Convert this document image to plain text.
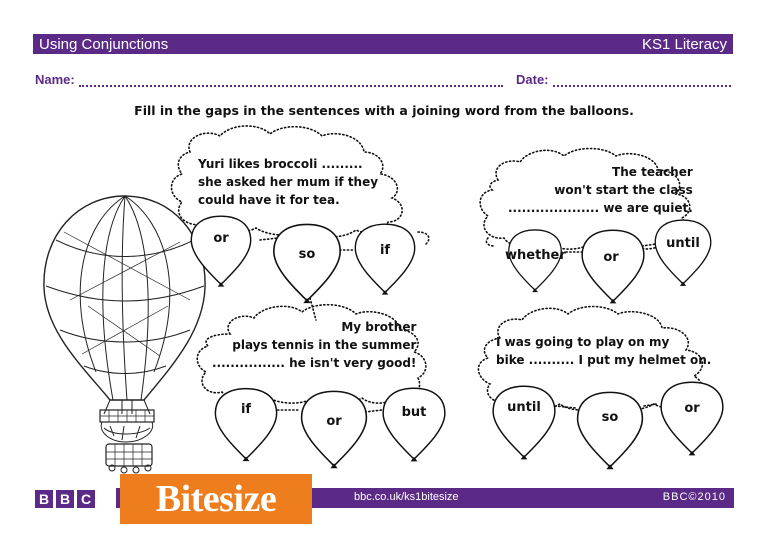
Using Conjunctions	KS1 Literacy
Name:	Date:
Fill in the gaps in the sentences with a joining word from the balloons.
Yuri likes broccoli .........
she asked her mum if they
could have it for tea.
The teacher
won't start the class
.................... we are quiet.
My brother
plays tennis in the summer
................ he isn't very good!
I was going to play on my
bike .......... I put my helmet on.
or
so	if	whether	or
until
if
or
but	until
so
or
B B C	bbc.co.uk/ks1bitesize	BBC©2010
Bitesize
